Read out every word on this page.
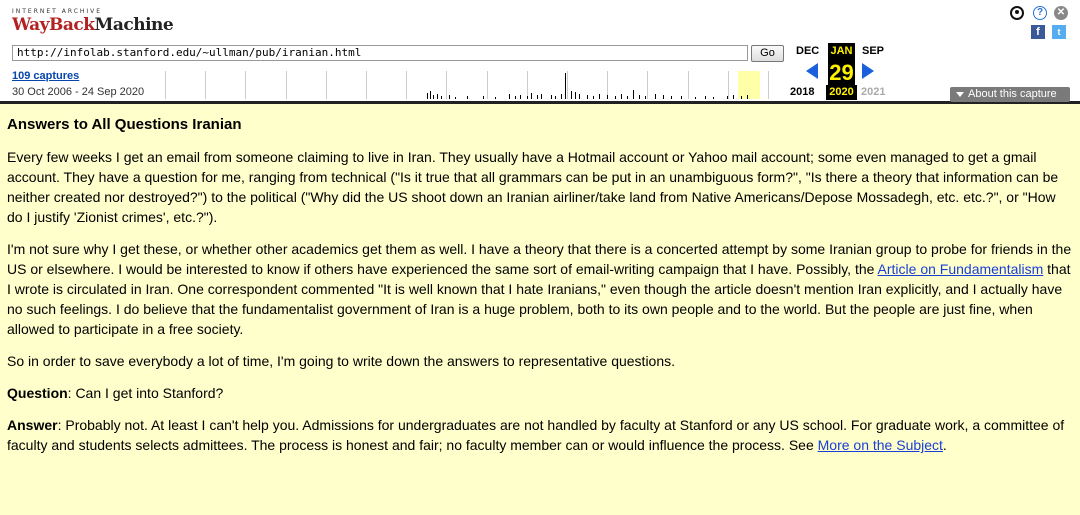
INTERNET ARCHIVE
WayBackMachine
http://infolab.stanford.edu/~ullman/pub/iranian.html	Go
109 captures
30 Oct 2006 - 24 Sep 2020
DEC JAN SEP
29
2018 2020 2021
?	✕
f	t
About this capture
Answers to All Questions Iranian

Every few weeks I get an email from someone claiming to live in Iran. They usually have a Hotmail account or Yahoo mail account; some even managed to get a gmail account. They have a question for me, ranging from technical ("Is it true that all grammars can be put in an unambiguous form?", "Is there a theory that information can be neither created nor destroyed?") to the political ("Why did the US shoot down an Iranian airliner/take land from Native Americans/Depose Mossadegh, etc. etc.?", or "How do I justify 'Zionist crimes', etc.?").

I'm not sure why I get these, or whether other academics get them as well. I have a theory that there is a concerted attempt by some Iranian group to probe for friends in the US or elsewhere. I would be interested to know if others have experienced the same sort of email-writing campaign that I have. Possibly, the Article on Fundamentalism that I wrote is circulated in Iran. One correspondent commented "It is well known that I hate Iranians," even though the article doesn't mention Iran explicitly, and I actually have no such feelings. I do believe that the fundamentalist government of Iran is a huge problem, both to its own people and to the world. But the people are just fine, when allowed to participate in a free society.

So in order to save everybody a lot of time, I'm going to write down the answers to representative questions.

Question: Can I get into Stanford?

Answer: Probably not. At least I can't help you. Admissions for undergraduates are not handled by faculty at Stanford or any US school. For graduate work, a committee of faculty and students selects admittees. The process is honest and fair; no faculty member can or would influence the process. See More on the Subject.
